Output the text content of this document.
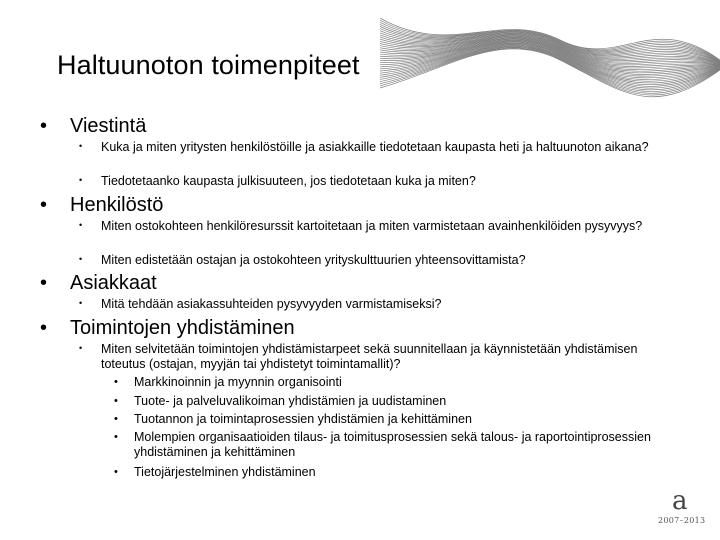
Haltuunoton toimenpiteet
• Viestintä
• Kuka ja miten yritysten henkilöstöille ja asiakkaille tiedotetaan kaupasta heti ja haltuunoton aikana?
• Tiedotetaanko kaupasta julkisuuteen, jos tiedotetaan kuka ja miten?
• Henkilöstö
• Miten ostokohteen henkilöresurssit kartoitetaan ja miten varmistetaan avainhenkilöiden pysyvyys?
• Miten edistetään ostajan ja ostokohteen yrityskulttuurien yhteensovittamista?
• Asiakkaat
• Mitä tehdään asiakassuhteiden pysyvyyden varmistamiseksi?
• Toimintojen yhdistäminen
• Miten selvitetään toimintojen yhdistämistarpeet sekä suunnitellaan ja käynnistetään yhdistämisen toteutus (ostajan, myyjän tai yhdistetyt toimintamallit)?
• Markkinoinnin ja myynnin organisointi
• Tuote- ja palveluvalikoiman yhdistämien ja uudistaminen
• Tuotannon ja toimintaprosessien yhdistämien ja kehittäminen
• Molempien organisaatioiden tilaus- ja toimitusprosessien sekä talous- ja raportointiprosessien yhdistäminen ja kehittäminen
• Tietojärjestelminen yhdistäminen
a
2007–2013
